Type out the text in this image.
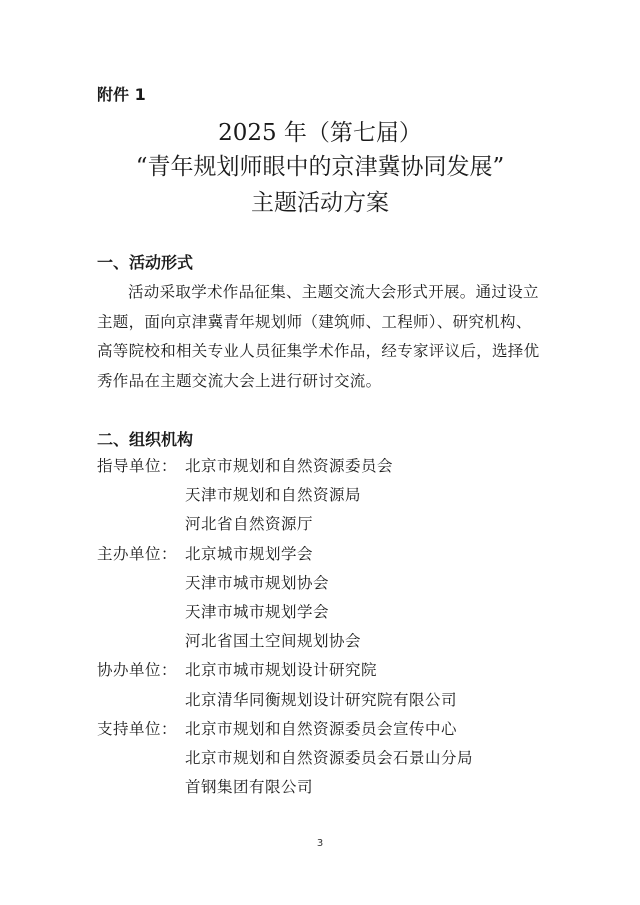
附件 1
2025 年（第七届）
“青年规划师眼中的京津冀协同发展”
主题活动方案
一、活动形式
活动采取学术作品征集、主题交流大会形式开展。通过设立主题，面向京津冀青年规划师（建筑师、工程师）、研究机构、高等院校和相关专业人员征集学术作品，经专家评议后，选择优秀作品在主题交流大会上进行研讨交流。
二、组织机构
指导单位： 北京市规划和自然资源委员会
天津市规划和自然资源局
河北省自然资源厅
主办单位： 北京城市规划学会
天津市城市规划协会
天津市城市规划学会
河北省国土空间规划协会
协办单位： 北京市城市规划设计研究院
北京清华同衡规划设计研究院有限公司
支持单位： 北京市规划和自然资源委员会宣传中心
北京市规划和自然资源委员会石景山分局
首钢集团有限公司
3
